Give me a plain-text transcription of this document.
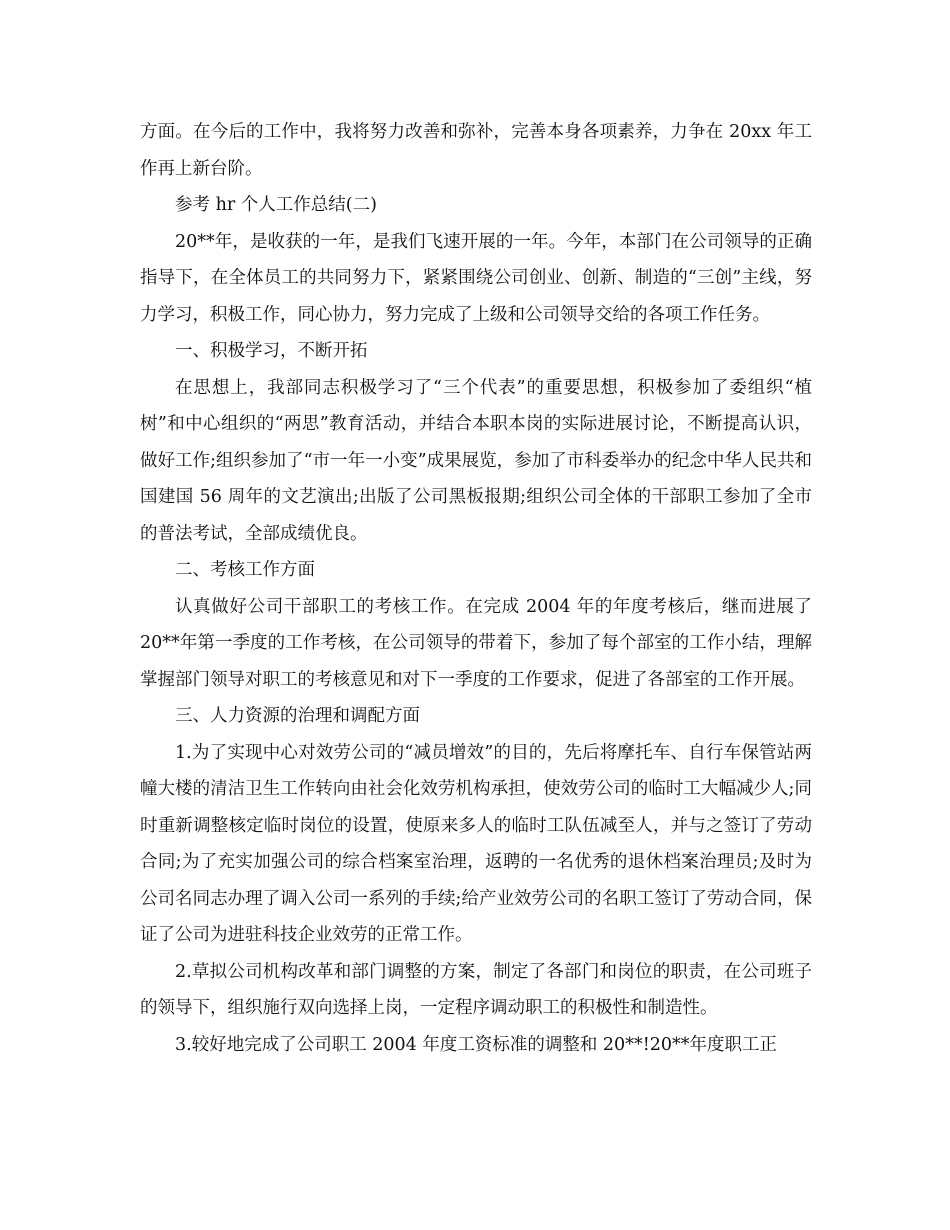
方面。在今后的工作中，我将努力改善和弥补，完善本身各项素养，力争在 20xx 年工作再上新台阶。

参考 hr 个人工作总结(二)

20**年，是收获的一年，是我们飞速开展的一年。今年，本部门在公司领导的正确指导下，在全体员工的共同努力下，紧紧围绕公司创业、创新、制造的“三创”主线，努力学习，积极工作，同心协力，努力完成了上级和公司领导交给的各项工作任务。

一、积极学习，不断开拓

在思想上，我部同志积极学习了“三个代表”的重要思想，积极参加了委组织“植树”和中心组织的“两思”教育活动，并结合本职本岗的实际进展讨论，不断提高认识，做好工作;组织参加了“市一年一小变”成果展览，参加了市科委举办的纪念中华人民共和国建国 56 周年的文艺演出;出版了公司黑板报期;组织公司全体的干部职工参加了全市的普法考试，全部成绩优良。

二、考核工作方面

认真做好公司干部职工的考核工作。在完成 2004 年的年度考核后，继而进展了 20**年第一季度的工作考核，在公司领导的带着下，参加了每个部室的工作小结，理解掌握部门领导对职工的考核意见和对下一季度的工作要求，促进了各部室的工作开展。

三、人力资源的治理和调配方面

1.为了实现中心对效劳公司的“减员增效”的目的，先后将摩托车、自行车保管站两幢大楼的清洁卫生工作转向由社会化效劳机构承担，使效劳公司的临时工大幅减少人;同时重新调整核定临时岗位的设置，使原来多人的临时工队伍减至人，并与之签订了劳动合同;为了充实加强公司的综合档案室治理，返聘的一名优秀的退休档案治理员;及时为公司名同志办理了调入公司一系列的手续;给产业效劳公司的名职工签订了劳动合同，保证了公司为进驻科技企业效劳的正常工作。

2.草拟公司机构改革和部门调整的方案，制定了各部门和岗位的职责，在公司班子的领导下，组织施行双向选择上岗，一定程序调动职工的积极性和制造性。

3.较好地完成了公司职工 2004 年度工资标准的调整和 20**!20**年度职工正
